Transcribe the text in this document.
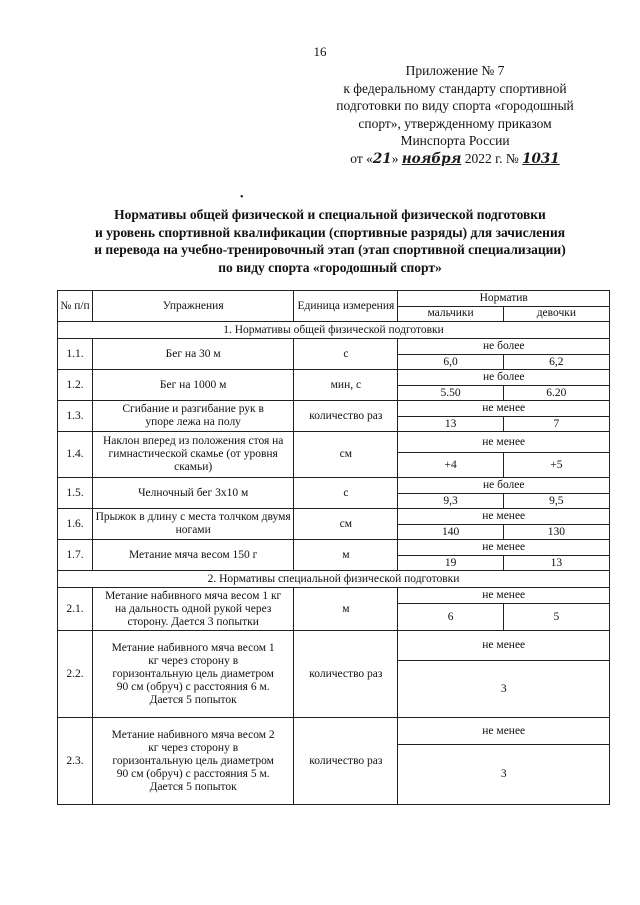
16
Приложение № 7
к федеральному стандарту спортивной
подготовки по виду спорта «городошный
спорт», утвержденному приказом
Минспорта России
от «21» ноября 2022 г. № 1031
•
Нормативы общей физической и специальной физической подготовки
и уровень спортивной квалификации (спортивные разряды) для зачисления
и перевода на учебно-тренировочный этап (этап спортивной специализации)
по виду спорта «городошный спорт»
№ п/п	Упражнения	Единица измерения	Норматив	
			мальчики	девочки
1. Нормативы общей физической подготовки				
1.1.	Бег на 30 м	с	не более	
			6,0	6,2
1.2.	Бег на 1000 м	мин, с	не более	
			5.50	6.20
1.3.	Сгибание и разгибание рук в упоре лежа на полу	количество раз	не менее	
			13	7
1.4.	Наклон вперед из положения стоя на гимнастической скамье (от уровня скамьи)	см	не менее	
			+4	+5
1.5.	Челночный бег 3х10 м	с	не более	
			9,3	9,5
1.6.	Прыжок в длину с места толчком двумя ногами	см	не менее	
			140	130
1.7.	Метание мяча весом 150 г	м	не менее	
			19	13
2. Нормативы специальной физической подготовки				
2.1.	Метание набивного мяча весом 1 кг на дальность одной рукой через сторону. Дается 3 попытки	м	не менее	
			6	5
2.2.	Метание набивного мяча весом 1 кг через сторону в горизонтальную цель диаметром 90 см (обруч) с расстояния 6 м. Дается 5 попыток	количество раз	не менее	
			3	
2.3.	Метание набивного мяча весом 2 кг через сторону в горизонтальную цель диаметром 90 см (обруч) с расстояния 5 м. Дается 5 попыток	количество раз	не менее	
			3	
